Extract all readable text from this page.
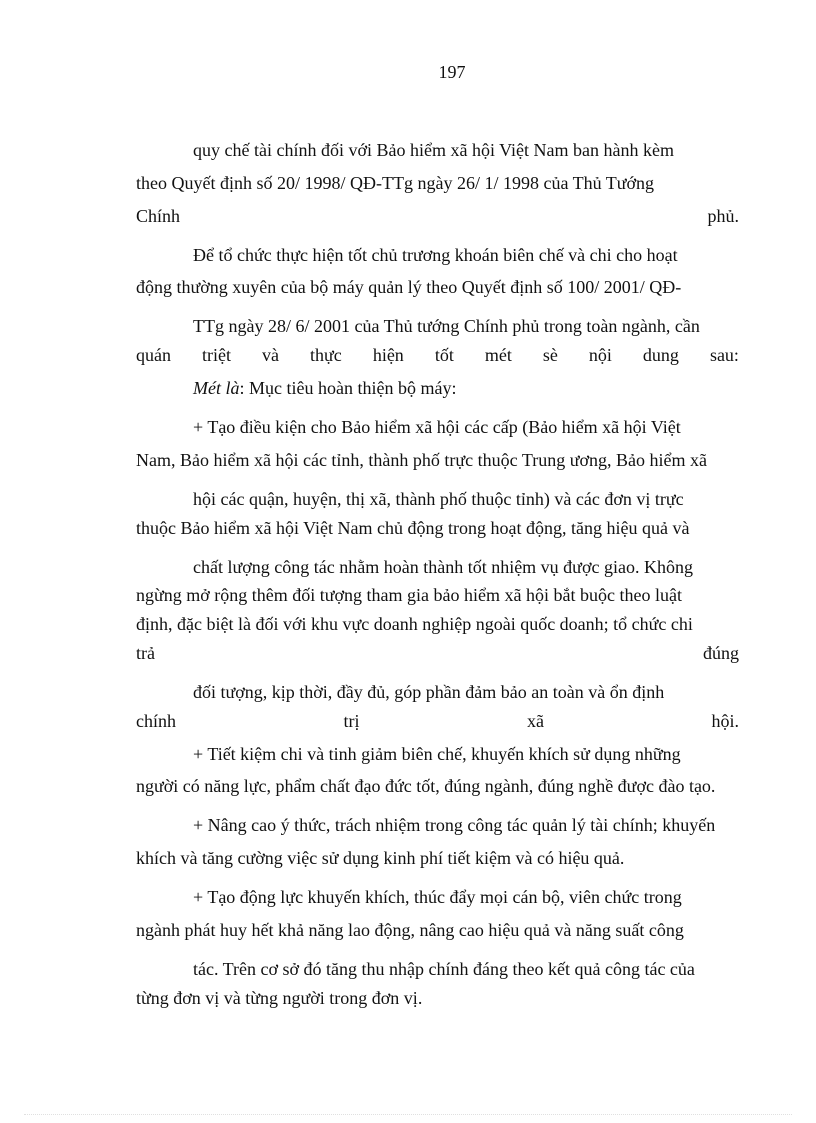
197
quy chế tài chính đối với Bảo hiểm xã hội Việt Nam ban hành kèm
theo Quyết định số 20/ 1998/ QĐ-TTg ngày 26/ 1/ 1998 của Thủ Tướng
Chính	phủ.
Để tổ chức thực hiện tốt chủ trương khoán biên chế và chi cho hoạt
động thường xuyên của bộ máy quản lý theo Quyết định số 100/ 2001/ QĐ-
TTg ngày 28/ 6/ 2001 của Thủ tướng Chính phủ trong toàn ngành, cần
quán triệt và thực hiện tốt mét sè nội dung sau:
Mét là : Mục tiêu hoàn thiện bộ máy:
+ Tạo điều kiện cho Bảo hiểm xã hội các cấp (Bảo hiểm xã hội Việt
Nam, Bảo hiểm xã hội các tỉnh, thành phố trực thuộc Trung ương, Bảo hiểm xã
hội các quận, huyện, thị xã, thành phố thuộc tỉnh) và các đơn vị trực
thuộc Bảo hiểm xã hội Việt Nam chủ động trong hoạt động, tăng hiệu quả và
chất lượng công tác nhằm hoàn thành tốt nhiệm vụ được giao. Không
ngừng mở rộng thêm đối tượng tham gia bảo hiểm xã hội bắt buộc theo luật
định, đặc biệt là đối với khu vực doanh nghiệp ngoài quốc doanh; tổ chức chi
trả	đúng
đối tượng, kịp thời, đầy đủ, góp phần đảm bảo an toàn và ổn định
chính	trị	xã	hội.
+ Tiết kiệm chi và tinh giảm biên chế, khuyến khích sử dụng những
người có năng lực, phẩm chất đạo đức tốt, đúng ngành, đúng nghề được đào tạo.
+ Nâng cao ý thức, trách nhiệm trong công tác quản lý tài chính; khuyến
khích và tăng cường việc sử dụng kinh phí tiết kiệm và có hiệu quả.
+ Tạo động lực khuyến khích, thúc đẩy mọi cán bộ, viên chức trong
ngành phát huy hết khả năng lao động, nâng cao hiệu quả và năng suất công
tác. Trên cơ sở đó tăng thu nhập chính đáng theo kết quả công tác của
từng đơn vị và từng người trong đơn vị.
